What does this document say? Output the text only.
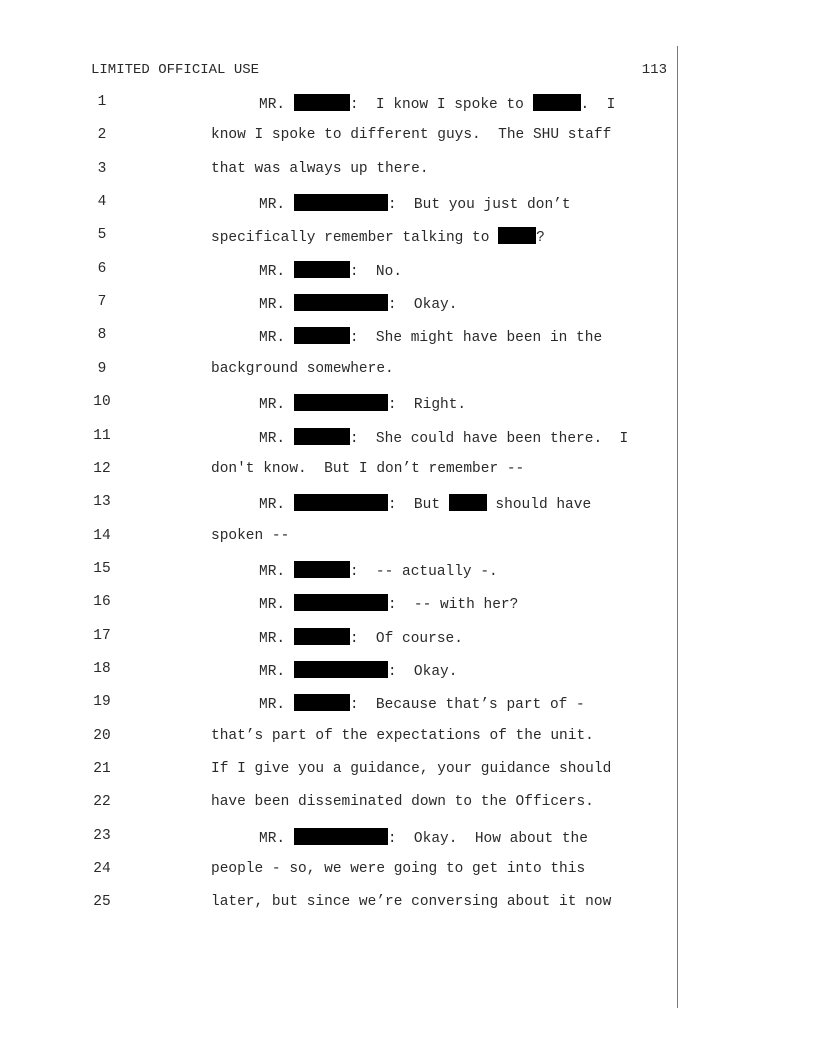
LIMITED OFFICIAL USE	113
1	MR.	:  I know I spoke to	.  I
2	know I spoke to different guys.  The SHU staff
3	that was always up there.
4	MR.	:  But you just don’t
5	specifically remember talking to	?
6	MR.	:  No.
7	MR.	:  Okay.
8	MR.	:  She might have been in the
9	background somewhere.
10	MR.	:  Right.
11	MR.	:  She could have been there.  I
12	don't know.  But I don’t remember --
13	MR.	:  But	should have
14	spoken --
15	MR.	:  -- actually -.
16	MR.	:  -- with her?
17	MR.	:  Of course.
18	MR.	:  Okay.
19	MR.	:  Because that’s part of -
20	that’s part of the expectations of the unit.
21	If I give you a guidance, your guidance should
22	have been disseminated down to the Officers.
23	MR.	:  Okay.  How about the
24	people - so, we were going to get into this
25	later, but since we’re conversing about it now
